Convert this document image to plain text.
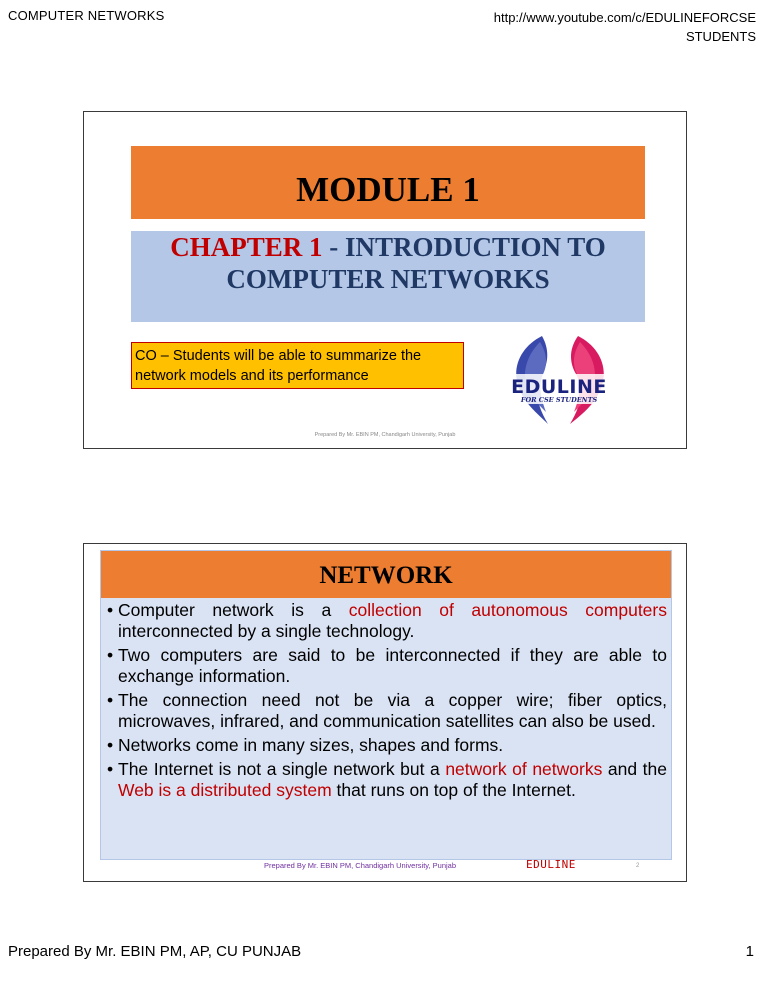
COMPUTER NETWORKS	http://www.youtube.com/c/EDULINEFORCSE
STUDENTS
MODULE 1
CHAPTER 1 - INTRODUCTION TO COMPUTER NETWORKS
CO – Students will be able to summarize the network models and its performance	EDULINE
FOR CSE STUDENTS
Prepared By Mr. EBIN PM, Chandigarh University, Punjab
NETWORK
• Computer network is a collection of autonomous computers interconnected by a single technology.
• Two computers are said to be interconnected if they are able to exchange information.
• The connection need not be via a copper wire; fiber optics, microwaves, infrared, and communication satellites can also be used.
• Networks come in many sizes, shapes and forms.
• The Internet is not a single network but a network of networks and the Web is a distributed system that runs on top of the Internet.
Prepared By Mr. EBIN PM, Chandigarh University, Punjab	EDULINE	2
Prepared By Mr. EBIN PM, AP, CU PUNJAB	1
